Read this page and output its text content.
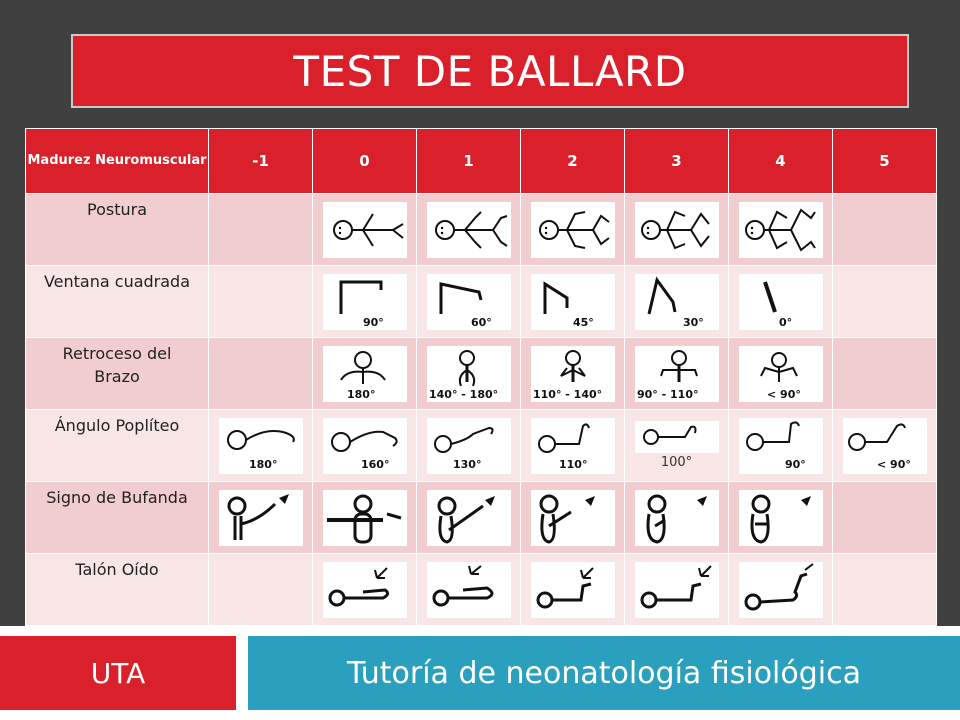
TEST DE BALLARD
Madurez Neuromuscular	-1	0	1	2	3	4	5
Postura		

Ventana cuadrada		90°	60°	45°	30°	0°	

Retroceso del Brazo		180°	140° - 180°	110° - 140°	90° - 110°	< 90°	

Ángulo Poplíteo	180°	160°	130°	110°	100°	90°	< 90°

Signo de Bufanda	

Talón Oído		

UTA	Tutoría de neonatología fisiológica
